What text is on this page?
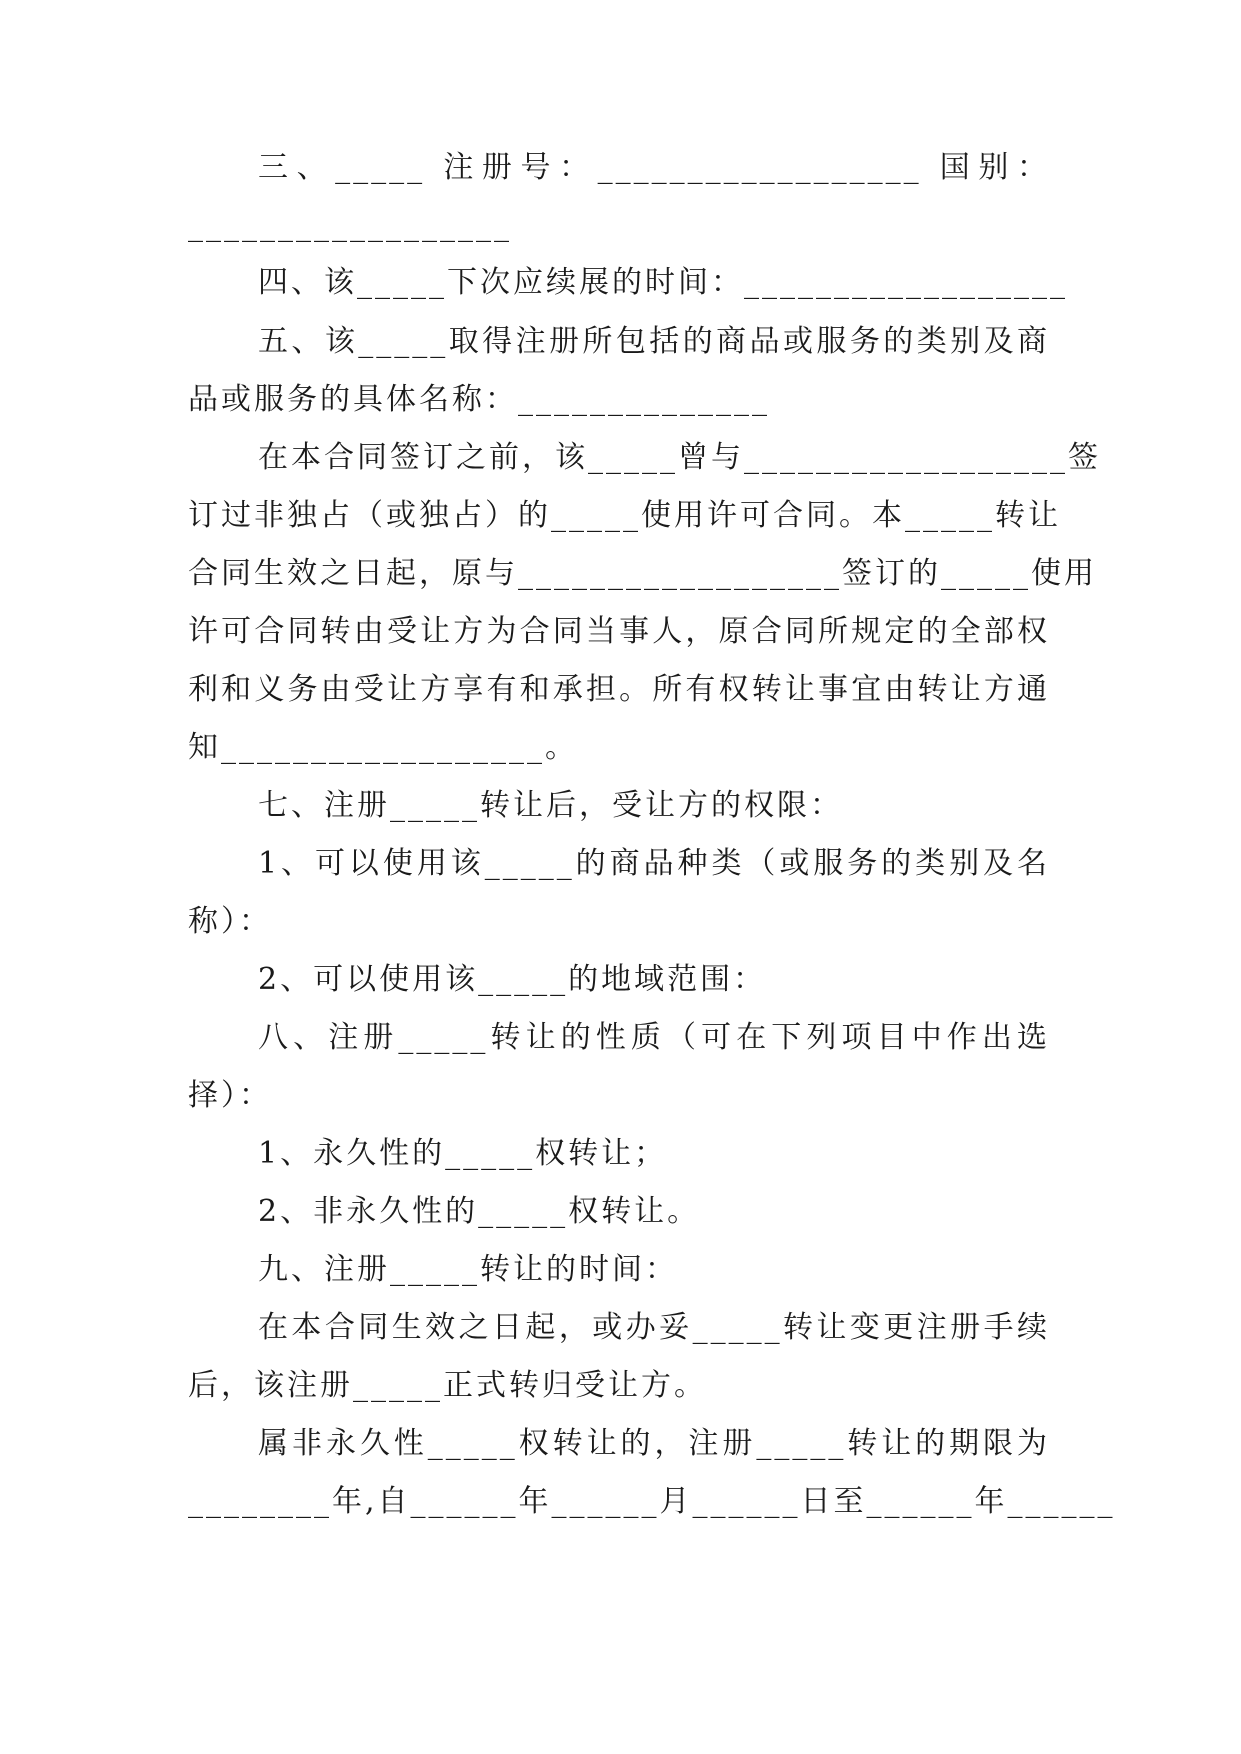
三、_____ 注册号：__________________ 国别：
__________________
四、该_____下次应续展的时间：__________________
五、该_____取得注册所包括的商品或服务的类别及商
品或服务的具体名称：______________
在本合同签订之前，该_____曾与__________________签
订过非独占（或独占）的_____使用许可合同。本_____转让
合同生效之日起，原与__________________签订的_____使用
许可合同转由受让方为合同当事人，原合同所规定的全部权
利和义务由受让方享有和承担。所有权转让事宜由转让方通
知__________________。
七、注册_____转让后，受让方的权限：
1、可以使用该_____的商品种类（或服务的类别及名
称）：
2、可以使用该_____的地域范围：
八、注册_____转让的性质（可在下列项目中作出选
择）：
1、永久性的_____权转让；
2、非永久性的_____权转让。
九、注册_____转让的时间：
在本合同生效之日起，或办妥_____转让变更注册手续
后，该注册_____正式转归受让方。
属非永久性_____权转让的，注册_____转让的期限为
________年,自______年______月______日至______年______
